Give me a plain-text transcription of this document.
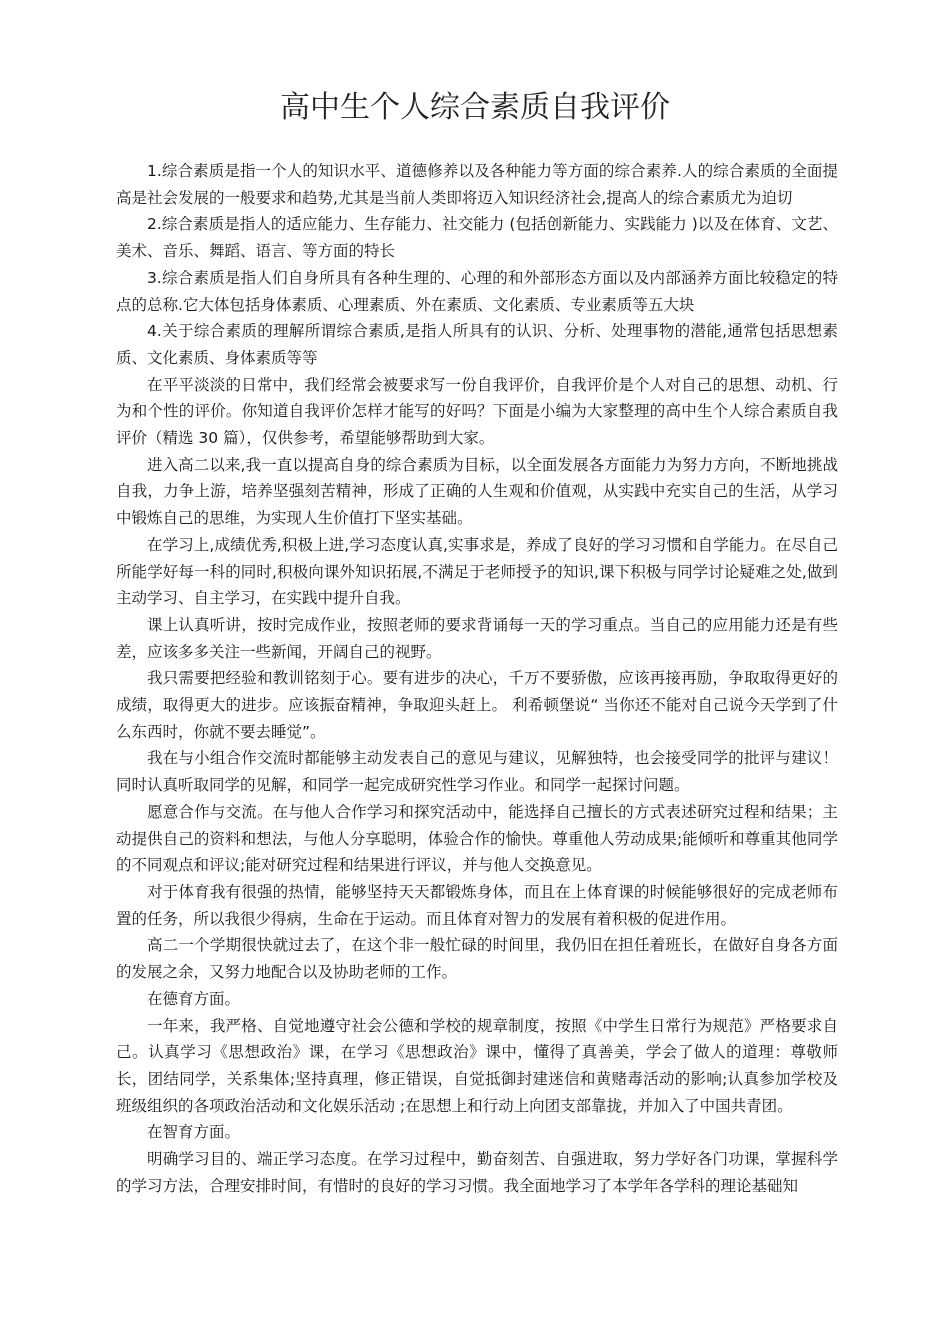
高中生个人综合素质自我评价

1.综合素质是指一个人的知识水平、道德修养以及各种能力等方面的综合素养.人的综合素质的全面提高是社会发展的一般要求和趋势,尤其是当前人类即将迈入知识经济社会,提高人的综合素质尤为迫切

2.综合素质是指人的适应能力、生存能力、社交能力 (包括创新能力、实践能力 )以及在体育、文艺、美术、音乐、舞蹈、语言、等方面的特长

3.综合素质是指人们自身所具有各种生理的、心理的和外部形态方面以及内部涵养方面比较稳定的特点的总称.它大体包括身体素质、心理素质、外在素质、文化素质、专业素质等五大块

4.关于综合素质的理解所谓综合素质,是指人所具有的认识、分析、处理事物的潜能,通常包括思想素质、文化素质、身体素质等等

在平平淡淡的日常中，我们经常会被要求写一份自我评价，自我评价是个人对自己的思想、动机、行为和个性的评价。你知道自我评价怎样才能写的好吗？下面是小编为大家整理的高中生个人综合素质自我评价（精选 30 篇），仅供参考，希望能够帮助到大家。

进入高二以来,我一直以提高自身的综合素质为目标，以全面发展各方面能力为努力方向，不断地挑战自我，力争上游，培养坚强刻苦精神，形成了正确的人生观和价值观，从实践中充实自己的生活，从学习中锻炼自己的思维，为实现人生价值打下坚实基础。

在学习上,成绩优秀,积极上进,学习态度认真,实事求是，养成了良好的学习习惯和自学能力。在尽自己所能学好每一科的同时,积极向课外知识拓展,不满足于老师授予的知识,课下积极与同学讨论疑难之处,做到主动学习、自主学习，在实践中提升自我。

课上认真听讲，按时完成作业，按照老师的要求背诵每一天的学习重点。当自己的应用能力还是有些差，应该多多关注一些新闻，开阔自己的视野。

我只需要把经验和教训铭刻于心。要有进步的决心，千万不要骄傲，应该再接再励，争取取得更好的成绩，取得更大的进步。应该振奋精神，争取迎头赶上。 利希顿堡说“ 当你还不能对自己说今天学到了什么东西时，你就不要去睡觉”。

我在与小组合作交流时都能够主动发表自己的意见与建议，见解独特，也会接受同学的批评与建议！同时认真听取同学的见解，和同学一起完成研究性学习作业。和同学一起探讨问题。

愿意合作与交流。在与他人合作学习和探究活动中，能选择自己擅长的方式表述研究过程和结果；主动提供自己的资料和想法，与他人分享聪明，体验合作的愉快。尊重他人劳动成果;能倾听和尊重其他同学的不同观点和评议;能对研究过程和结果进行评议，并与他人交换意见。

对于体育我有很强的热情，能够坚持天天都锻炼身体，而且在上体育课的时候能够很好的完成老师布置的任务，所以我很少得病，生命在于运动。而且体育对智力的发展有着积极的促进作用。

高二一个学期很快就过去了，在这个非一般忙碌的时间里，我仍旧在担任着班长，在做好自身各方面的发展之余，又努力地配合以及协助老师的工作。

在德育方面。

一年来，我严格、自觉地遵守社会公德和学校的规章制度，按照《中学生日常行为规范》严格要求自己。认真学习《思想政治》课，在学习《思想政治》课中，懂得了真善美，学会了做人的道理：尊敬师长，团结同学，关系集体;坚持真理，修正错误，自觉抵御封建迷信和黄赌毒活动的影响;认真参加学校及班级组织的各项政治活动和文化娱乐活动 ;在思想上和行动上向团支部靠拢，并加入了中国共青团。

在智育方面。

明确学习目的、端正学习态度。在学习过程中，勤奋刻苦、自强进取，努力学好各门功课，掌握科学的学习方法，合理安排时间，有惜时的良好的学习习惯。我全面地学习了本学年各学科的理论基础知
